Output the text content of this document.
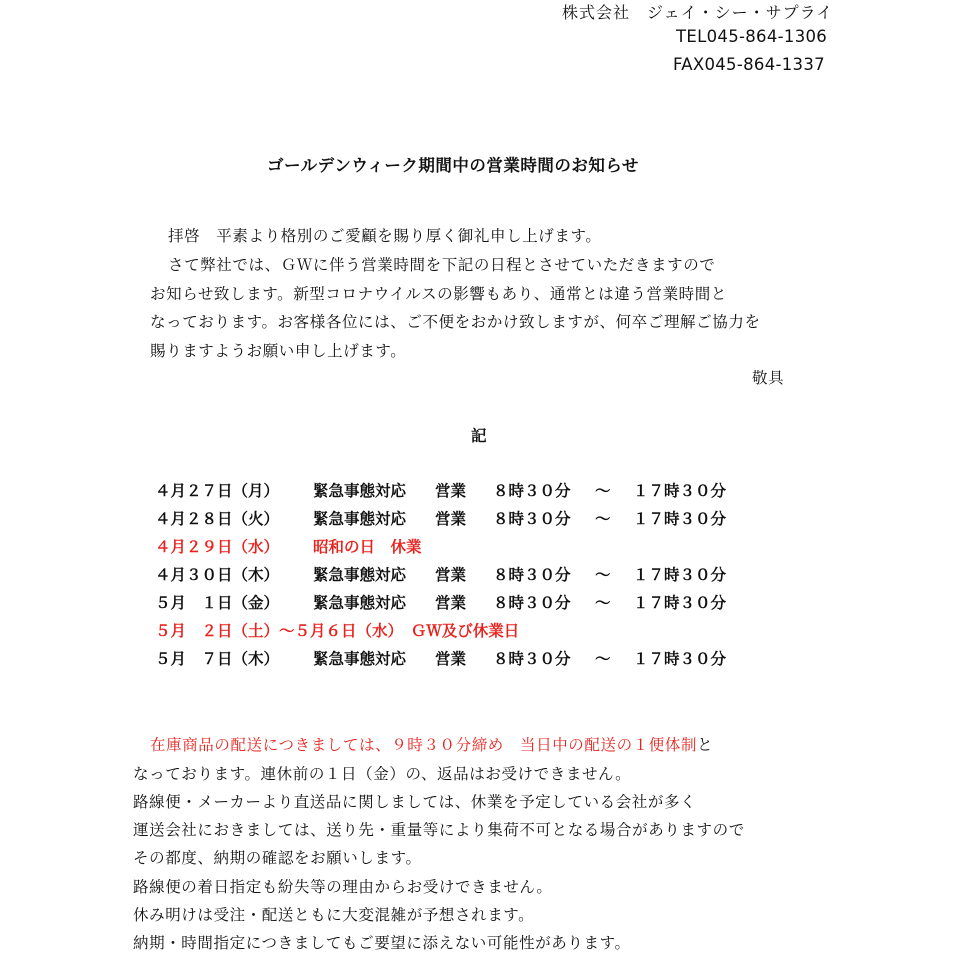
株式会社　ジェイ・シー・サプライ
TEL045-864-1306
FAX045-864-1337
ゴールデンウィーク期間中の営業時間のお知らせ
拝啓　平素より格別のご愛顧を賜り厚く御礼申し上げます。
さて弊社では、ＧＷに伴う営業時間を下記の日程とさせていただきますので
お知らせ致します。新型コロナウイルスの影響もあり、通常とは違う営業時間と
なっております。お客様各位には、ご不便をおかけ致しますが、何卒ご理解ご協力を
賜りますようお願い申し上げます。
敬具
記
４月２７日（月） 緊急事態対応 営業 ８時３０分 ～ １７時３０分
４月２８日（火） 緊急事態対応 営業 ８時３０分 ～ １７時３０分
４月２９日（水） 昭和の日　休業
４月３０日（木） 緊急事態対応 営業 ８時３０分 ～ １７時３０分
５月　１日（金） 緊急事態対応 営業 ８時３０分 ～ １７時３０分
５月　２日（土）～５月６日（水）　ＧＷ及び休業日
５月　７日（木） 緊急事態対応 営業 ８時３０分 ～ １７時３０分
在庫商品の配送につきましては、９時３０分締め　当日中の配送の１便体制と
なっております。連休前の１日（金）の、返品はお受けできません。
路線便・メーカーより直送品に関しましては、休業を予定している会社が多く
運送会社におきましては、送り先・重量等により集荷不可となる場合がありますので
その都度、納期の確認をお願いします。
路線便の着日指定も紛失等の理由からお受けできません。
休み明けは受注・配送ともに大変混雑が予想されます。
納期・時間指定につきましてもご要望に添えない可能性があります。
